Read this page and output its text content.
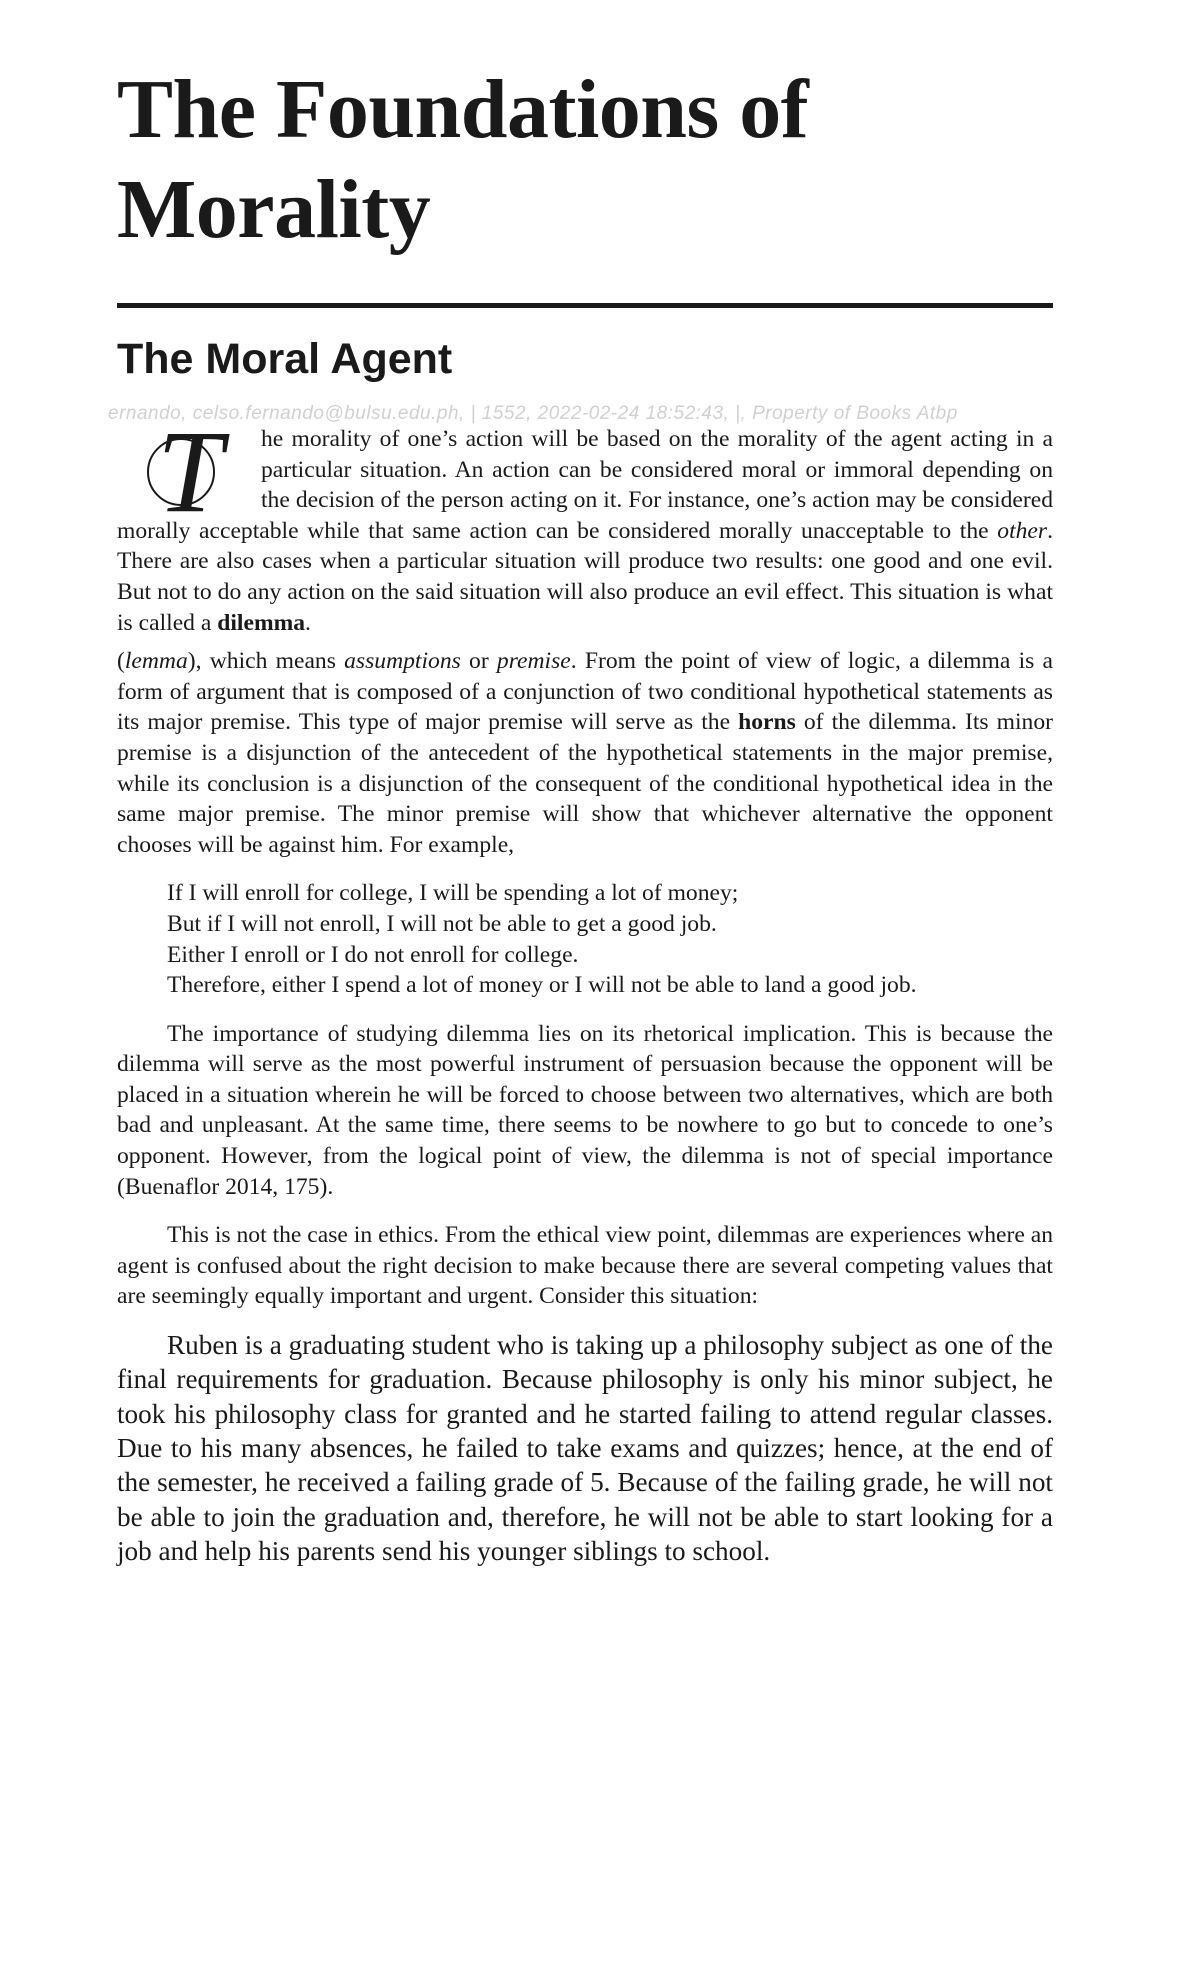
The Foundations of Morality
The Moral Agent
T	he morality of one’s action will be based on the morality of the agent acting in a particular situation. An action can be considered moral or immoral depending on the decision of the person acting on it. For instance, one’s action may be considered morally acceptable while that same action can be considered morally unacceptable to the other. There are also cases when a particular situation will produce two results: one good and one evil. But not to do any action on the said situation will also produce an evil effect. This situation is what is called a dilemma.

(lemma), which means assumptions or premise. From the point of view of logic, a dilemma is a form of argument that is composed of a conjunction of two conditional hypothetical statements as its major premise. This type of major premise will serve as the horns of the dilemma. Its minor premise is a disjunction of the antecedent of the hypothetical statements in the major premise, while its conclusion is a disjunction of the consequent of the conditional hypothetical idea in the same major premise. The minor premise will show that whichever alternative the opponent chooses will be against him. For example,

If I will enroll for college, I will be spending a lot of money;
But if I will not enroll, I will not be able to get a good job.
Either I enroll or I do not enroll for college.
Therefore, either I spend a lot of money or I will not be able to land a good job.

The importance of studying dilemma lies on its rhetorical implication. This is because the dilemma will serve as the most powerful instrument of persuasion because the opponent will be placed in a situation wherein he will be forced to choose between two alternatives, which are both bad and unpleasant. At the same time, there seems to be nowhere to go but to concede to one’s opponent. However, from the logical point of view, the dilemma is not of special importance (Buenaflor 2014, 175).

This is not the case in ethics. From the ethical view point, dilemmas are experiences where an agent is confused about the right decision to make because there are several competing values that are seemingly equally important and urgent. Consider this situation:

Ruben is a graduating student who is taking up a philosophy subject as one of the final requirements for graduation. Because philosophy is only his minor subject, he took his philosophy class for granted and he started failing to attend regular classes. Due to his many absences, he failed to take exams and quizzes; hence, at the end of the semester, he received a failing grade of 5. Because of the failing grade, he will not be able to join the graduation and, therefore, he will not be able to start looking for a job and help his parents send his younger siblings to school.

ernando, celso.fernando@bulsu.edu.ph, | 1552, 2022-02-24 18:52:43, |, Property of Books Atbp
